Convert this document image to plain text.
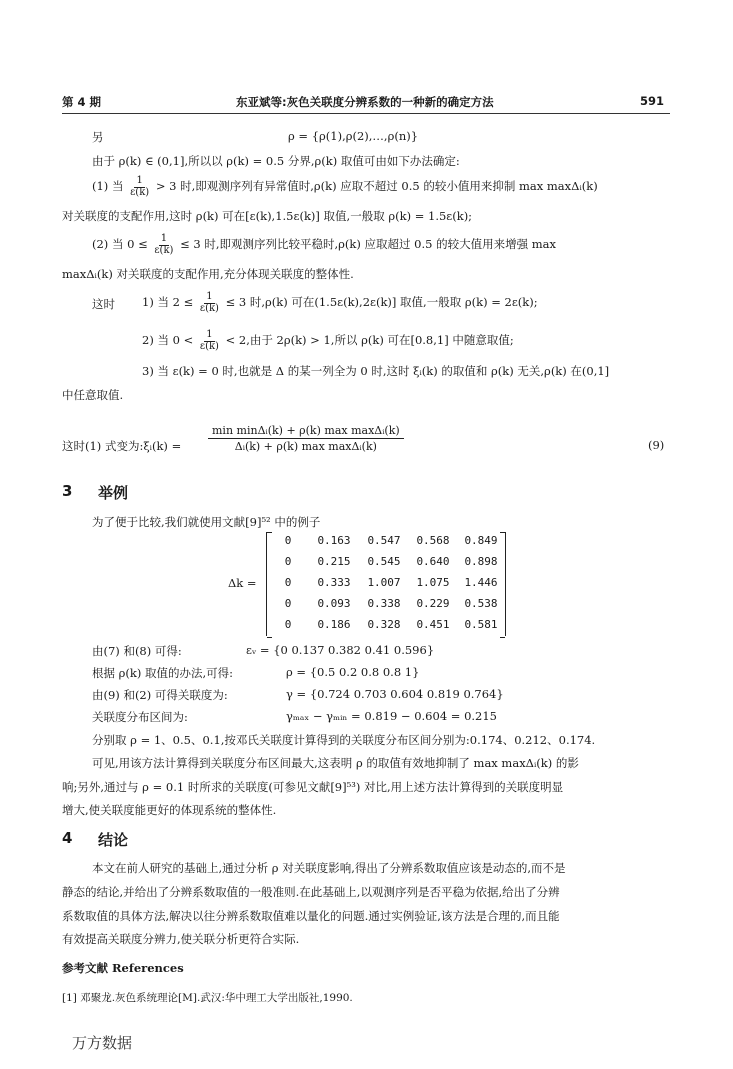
第 4 期	东亚斌等:灰色关联度分辨系数的一种新的确定方法	591
另	ρ = {ρ(1),ρ(2),…,ρ(n)}
由于 ρ(k) ∈ (0,1],所以以 ρ(k) = 0.5 分界,ρ(k) 取值可由如下办法确定:
(1) 当 $\frac{1}{\varepsilon(k)} > 3$ 时,即观测序列有异常值时,ρ(k) 应取不超过 0.5 的较小值用来抑制 max maxΔᵢ(k)
对关联度的支配作用,这时 ρ(k) 可在[ε(k),1.5ε(k)] 取值,一般取 ρ(k) = 1.5ε(k);
(2) 当 $0 \le \frac{1}{\varepsilon(k)} \le 3$ 时,即观测序列比较平稳时,ρ(k) 应取超过 0.5 的较大值用来增强 max
maxΔᵢ(k) 对关联度的支配作用,充分体现关联度的整体性.
这时 1) 当 $2 \le \frac{1}{\varepsilon(k)} \le 3$ 时,ρ(k) 可在(1.5ε(k),2ε(k)] 取值,一般取 ρ(k) = 2ε(k);
2) 当 $0 < \frac{1}{\varepsilon(k)} < 2$,由于 2ρ(k) > 1,所以 ρ(k) 可在[0.8,1] 中随意取值;
3) 当 ε(k) = 0 时,也就是 Δ 的某一列全为 0 时,这时 ξᵢ(k) 的取值和 ρ(k) 无关,ρ(k) 在(0,1]
中任意取值.
这时(1) 式变为:ξᵢ(k) =
min minΔᵢ(k) + ρ(k) max maxΔᵢ(k)
Δᵢ(k) + ρ(k) max maxΔᵢ(k)	(9)
3 举例
为了便于比较,我们就使用文献[9]⁵² 中的例子
Δk =
0	0.163	0.547	0.568	0.849
0	0.215	0.545	0.640	0.898
0	0.333	1.007	1.075	1.446
0	0.093	0.338	0.229	0.538
0	0.186	0.328	0.451	0.581
由(7) 和(8) 可得:	εᵥ = {0 0.137 0.382 0.41 0.596}
根据 ρ(k) 取值的办法,可得:	ρ = {0.5 0.2 0.8 0.8 1}
由(9) 和(2) 可得关联度为:	γ = {0.724 0.703 0.604 0.819 0.764}
关联度分布区间为:	γₘₐₓ − γₘᵢₙ = 0.819 − 0.604 = 0.215
分别取 ρ = 1、0.5、0.1,按邓氏关联度计算得到的关联度分布区间分别为:0.174、0.212、0.174.
可见,用该方法计算得到关联度分布区间最大,这表明 ρ 的取值有效地抑制了 max maxΔᵢ(k) 的影
响;另外,通过与 ρ = 0.1 时所求的关联度(可参见文献[9]⁵³) 对比,用上述方法计算得到的关联度明显
增大,使关联度能更好的体现系统的整体性.
4 结论
本文在前人研究的基础上,通过分析 ρ 对关联度影响,得出了分辨系数取值应该是动态的,而不是
静态的结论,并给出了分辨系数取值的一般准则.在此基础上,以观测序列是否平稳为依据,给出了分辨
系数取值的具体方法,解决以往分辨系数取值难以量化的问题.通过实例验证,该方法是合理的,而且能
有效提高关联度分辨力,使关联分析更符合实际.
参考文献 References
[1] 邓聚龙.灰色系统理论[M].武汉:华中理工大学出版社,1990.
万方数据
